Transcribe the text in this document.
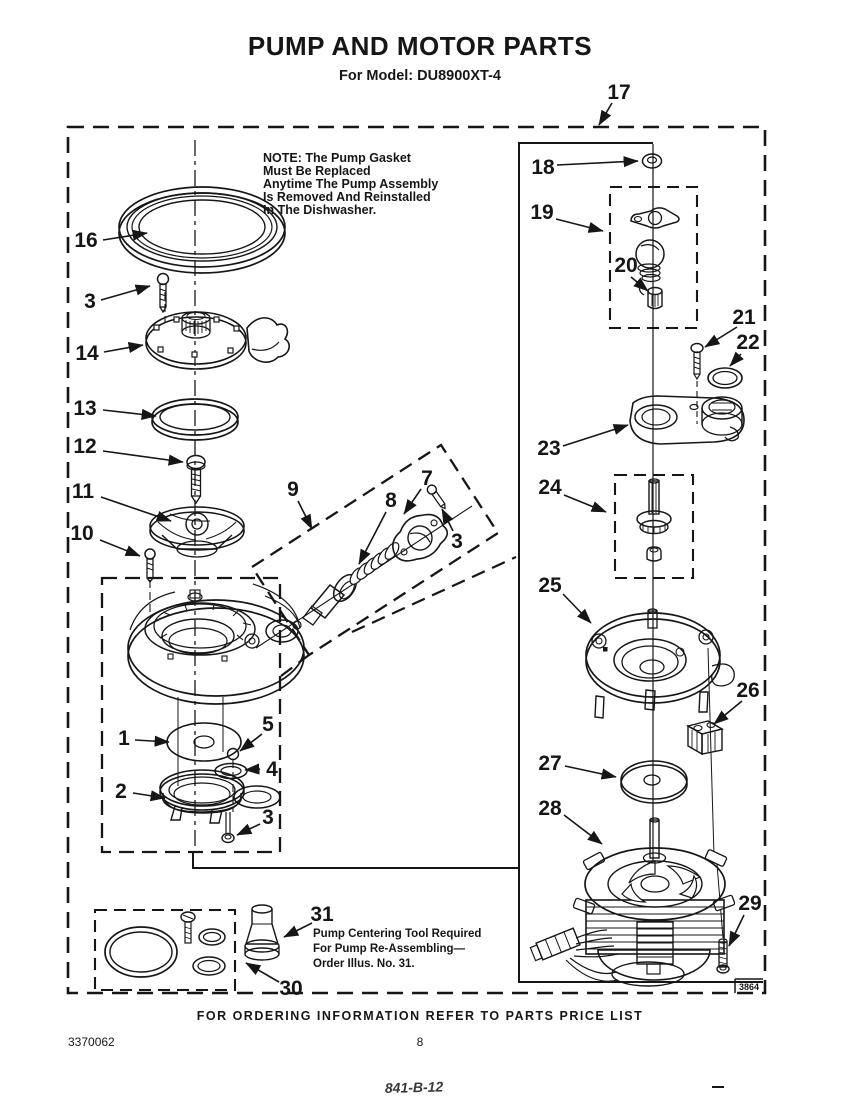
PUMP AND MOTOR PARTS
For Model: DU8900XT-4
3864
NOTE: The Pump Gasket
Must Be Replaced
Anytime The Pump Assembly
Is Removed And Reinstalled
In The Dishwasher.
Pump Centering Tool Required
For Pump Re-Assembling—
Order Illus. No. 31.
17
16
3
14
13
12
11
10
9	8
7
3
1
5
4
2
3
30
31
18
19
20
21
22
23
24
25
26
27
28
29
FOR ORDERING INFORMATION REFER TO PARTS PRICE LIST
3370062	8
841-B-12
